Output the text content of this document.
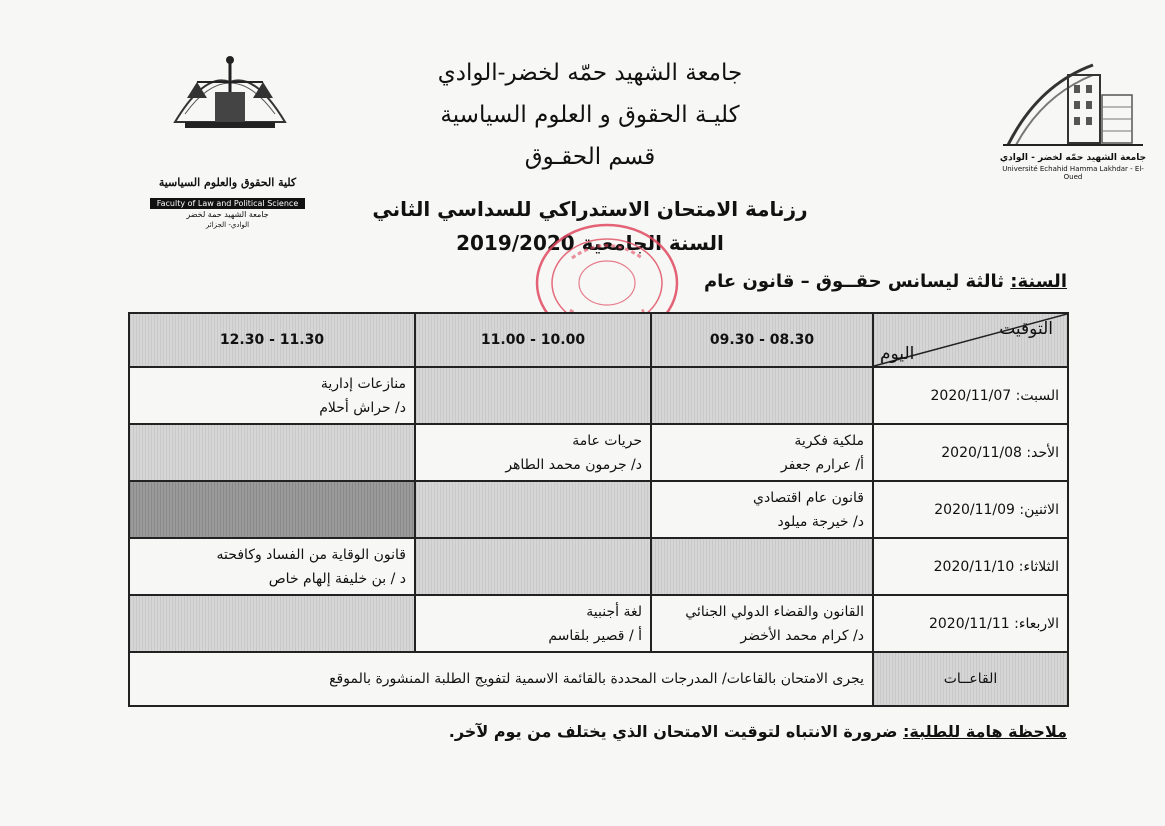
كلية الحقوق والعلوم السياسية
Faculty of Law and Political Science
جامعة الشهيد حمة لخضر
الوادي- الجزائر
جامعة الشهيد حمّه لخضر - الوادي
Université Echahid Hamma Lakhdar - El-Oued
جامعة الشهيد حمّه لخضر-الوادي
كليـة الحقوق و العلوم السياسية
قسم الحقـوق
رزنامة الامتحان الاستدراكي للسداسي الثاني
السنة الجامعية 2019/2020
السنة: ثالثة ليسانس حقــوق – قانون عام
التوقيت
اليوم	08.30 - 09.30	10.00 - 11.00	11.30 - 12.30
السبت: 2020/11/07			منازعات إدارية
د/ حراش أحلام

الأحد: 2020/11/08	ملكية فكرية
أ/ عرارم جعفر	حريات عامة
د/ جرمون محمد الطاهر	

الاثنين: 2020/11/09	قانون عام اقتصادي
د/ خيرجة ميلود		

الثلاثاء: 2020/11/10			قانون الوقاية من الفساد وكافحته
د / بن خليفة إلهام خاص

الاربعاء: 2020/11/11	القانون والقضاء الدولي الجنائي
د/ كرام محمد الأخضر	لغة أجنبية
أ / قصير بلقاسم	

القاعــات	يجرى الامتحان بالقاعات/ المدرجات المحددة بالقائمة الاسمية لتفويج الطلبة المنشورة بالموقع		
ملاحظة هامة للطلبة: ضرورة الانتباه لتوقيت الامتحان الذي يختلف من يوم لآخر.
